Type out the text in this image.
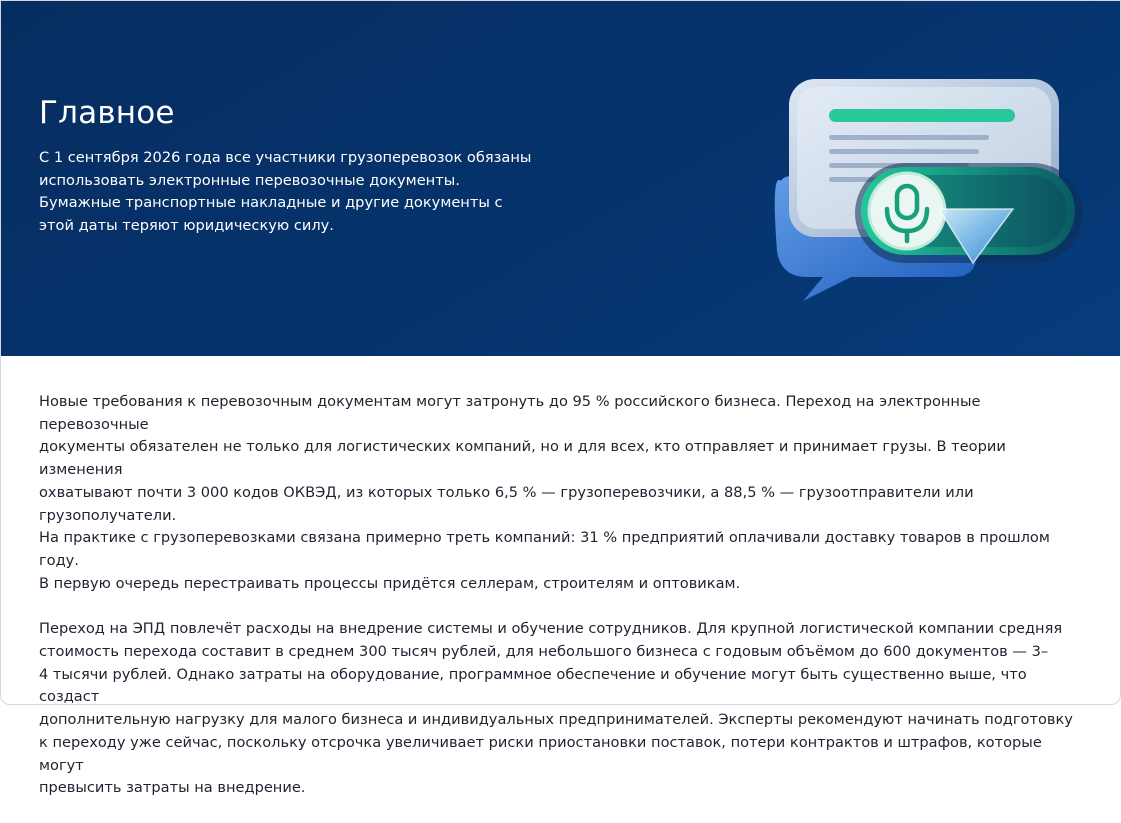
Главное

С 1 сентября 2026 года все участники грузоперевозок обязаны использовать электронные перевозочные документы. Бумажные транспортные накладные и другие документы с этой даты теряют юридическую силу.

Новые требования к перевозочным документам могут затронуть до 95 % российского бизнеса. Переход на электронные перевозочные
документы обязателен не только для логистических компаний, но и для всех, кто отправляет и принимает грузы. В теории изменения
охватывают почти 3 000 кодов ОКВЭД, из которых только 6,5 % — грузоперевозчики, а 88,5 % — грузоотправители или грузополучатели.
На практике с грузоперевозками связана примерно треть компаний: 31 % предприятий оплачивали доставку товаров в прошлом году.
В первую очередь перестраивать процессы придётся селлерам, строителям и оптовикам.

Переход на ЭПД повлечёт расходы на внедрение системы и обучение сотрудников. Для крупной логистической компании средняя
стоимость перехода составит в среднем 300 тысяч рублей, для небольшого бизнеса с годовым объёмом до 600 документов — 3–
4 тысячи рублей. Однако затраты на оборудование, программное обеспечение и обучение могут быть существенно выше, что создаст
дополнительную нагрузку для малого бизнеса и индивидуальных предпринимателей. Эксперты рекомендуют начинать подготовку
к переходу уже сейчас, поскольку отсрочка увеличивает риски приостановки поставок, потери контрактов и штрафов, которые могут
превысить затраты на внедрение.
